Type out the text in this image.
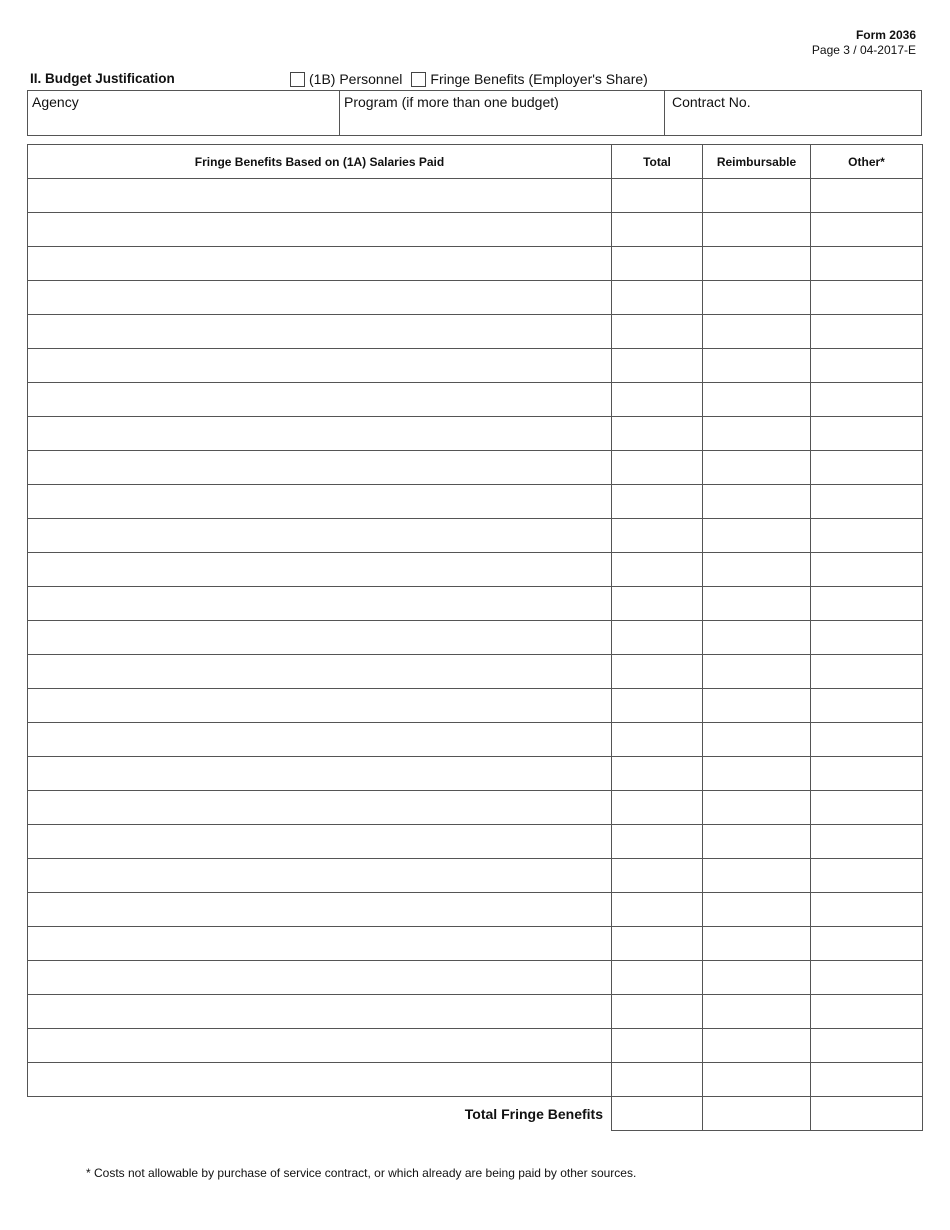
Form 2036
Page 3 / 04-2017-E
II. Budget Justification	(1B) Personnel Fringe Benefits (Employer's Share)
Agency	Program (if more than one budget)	Contract No.
Fringe Benefits Based on (1A) Salaries Paid	Total	Reimbursable	Other*

Total Fringe Benefits			
* Costs not allowable by purchase of service contract, or which already are being paid by other sources.
